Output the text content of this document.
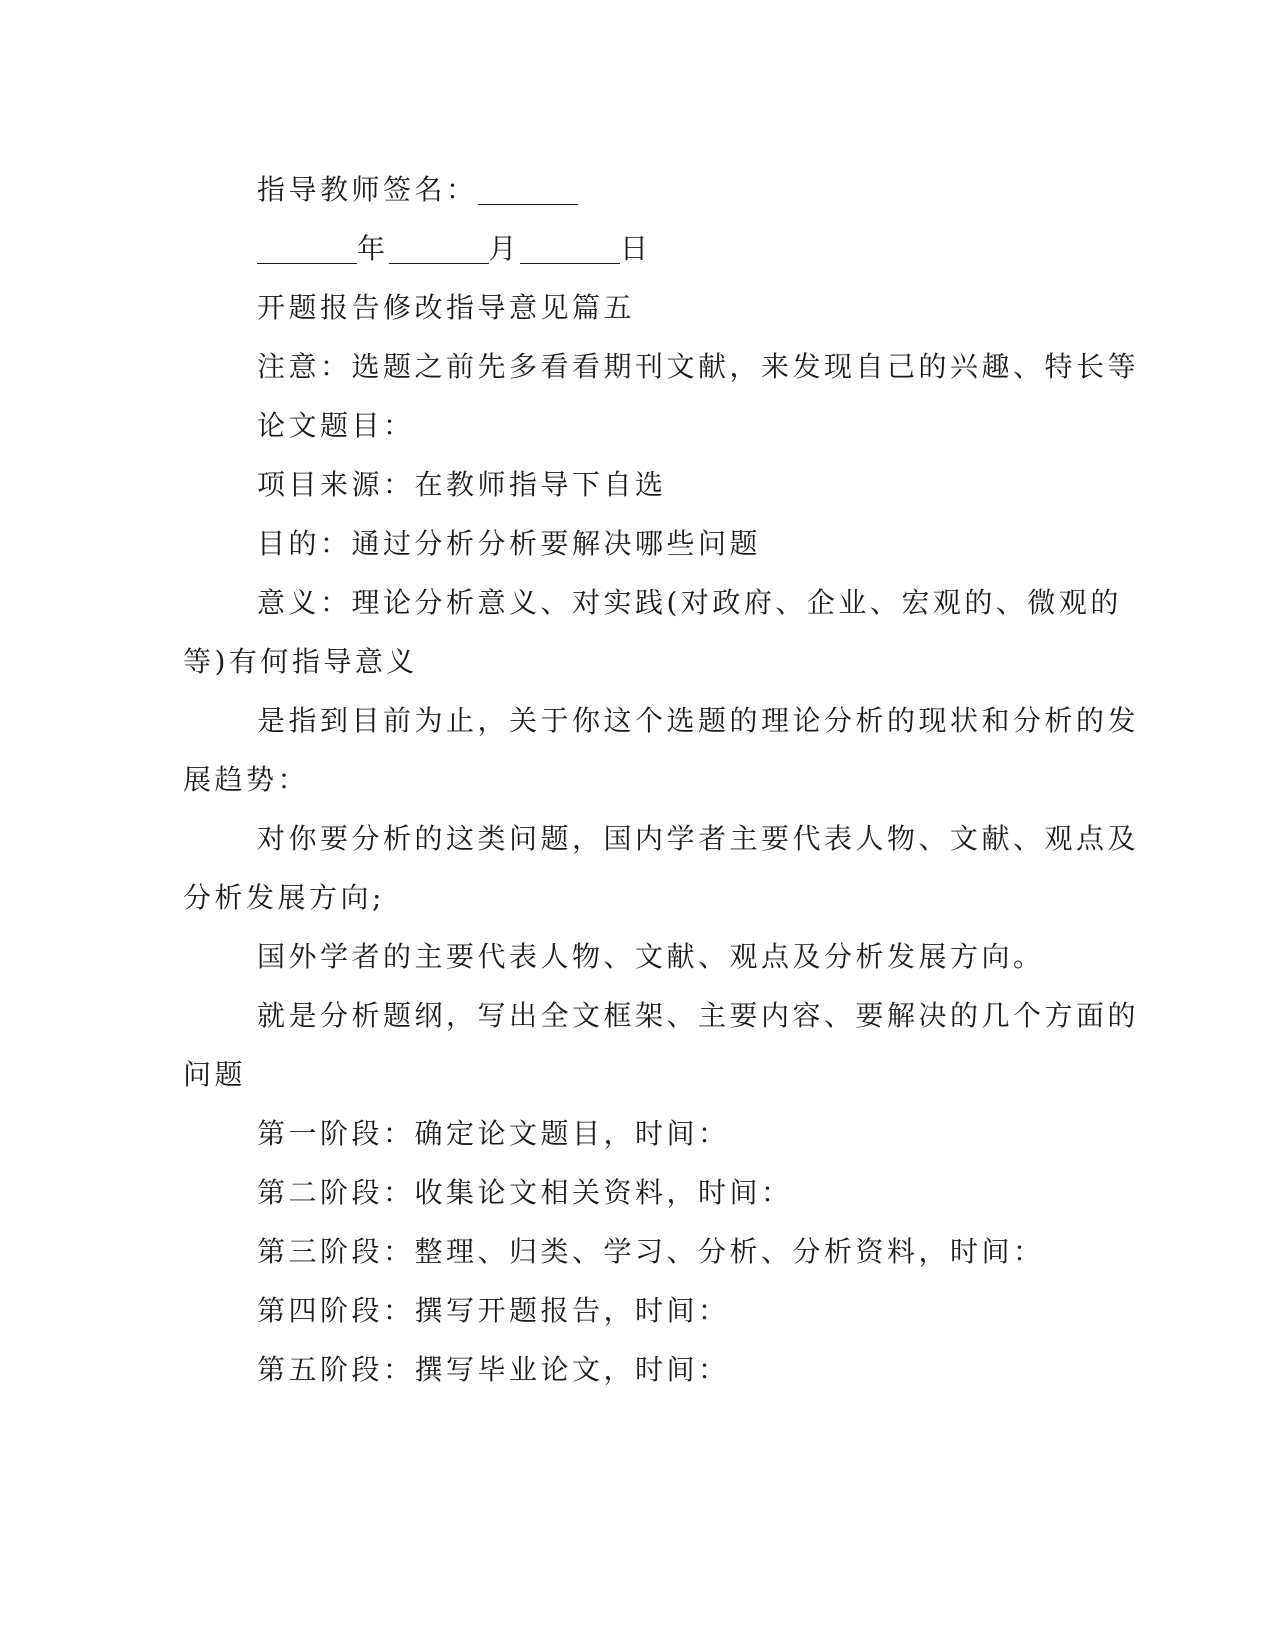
指导教师签名：
年	月	日
开题报告修改指导意见篇五
注意：选题之前先多看看期刊文献，来发现自己的兴趣、特长等
论文题目：
项目来源：在教师指导下自选
目的：通过分析分析要解决哪些问题
意义：理论分析意义、对实践(对政府、企业、宏观的、微观的
等)有何指导意义
是指到目前为止，关于你这个选题的理论分析的现状和分析的发
展趋势：
对你要分析的这类问题，国内学者主要代表人物、文献、观点及
分析发展方向;
国外学者的主要代表人物、文献、观点及分析发展方向。
就是分析题纲，写出全文框架、主要内容、要解决的几个方面的
问题
第一阶段：确定论文题目，时间：
第二阶段：收集论文相关资料，时间：
第三阶段：整理、归类、学习、分析、分析资料，时间：
第四阶段：撰写开题报告，时间：
第五阶段：撰写毕业论文，时间：
